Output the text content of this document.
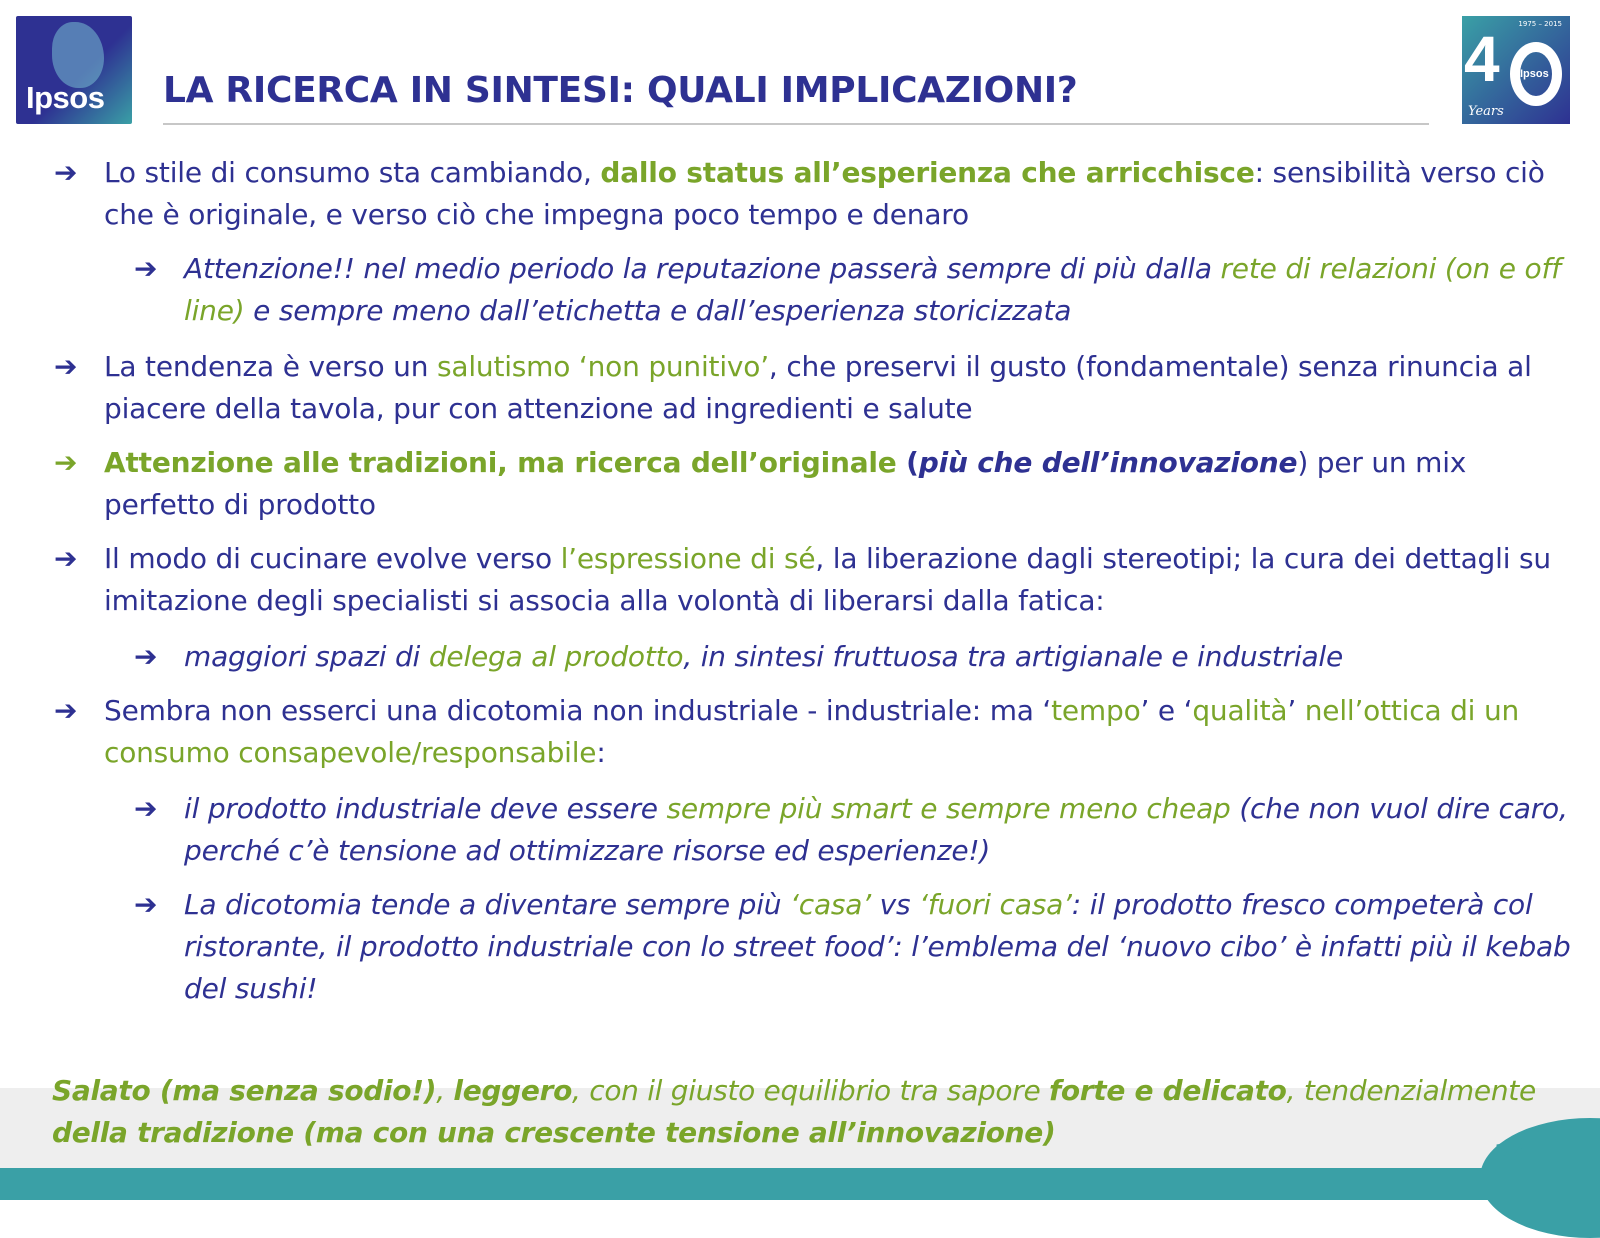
Ipsos LA RICERCA IN SINTESI: QUALI IMPLICAZIONI?
1975 – 2015
4 Ipsos
Years

➔ Lo stile di consumo sta cambiando, dallo status all’esperienza che arricchisce: sensibilità verso ciò che è originale, e verso ciò che impegna poco tempo e denaro

➔ Attenzione!! nel medio periodo la reputazione passerà sempre di più dalla rete di relazioni (on e off line) e sempre meno dall’etichetta e dall’esperienza storicizzata

➔ La tendenza è verso un salutismo ‘non punitivo’, che preservi il gusto (fondamentale) senza rinuncia al piacere della tavola, pur con attenzione ad ingredienti e salute

➔ Attenzione alle tradizioni, ma ricerca dell’originale (più che dell’innovazione) per un mix perfetto di prodotto

➔ Il modo di cucinare evolve verso l’espressione di sé, la liberazione dagli stereotipi; la cura dei dettagli su imitazione degli specialisti si associa alla volontà di liberarsi dalla fatica:

➔ maggiori spazi di delega al prodotto, in sintesi fruttuosa tra artigianale e industriale

➔ Sembra non esserci una dicotomia non industriale - industriale: ma ‘tempo’ e ‘qualità’ nell’ottica di un consumo consapevole/responsabile:

➔ il prodotto industriale deve essere sempre più smart e sempre meno cheap (che non vuol dire caro, perché c’è tensione ad ottimizzare risorse ed esperienze!)

➔ La dicotomia tende a diventare sempre più ‘casa’ vs ‘fuori casa’: il prodotto fresco competerà col ristorante, il prodotto industriale con lo street food’: l’emblema del ‘nuovo cibo’ è infatti più il kebab del sushi!

Salato (ma senza sodio!), leggero, con il giusto equilibrio tra sapore forte e delicato, tendenzialmente della tradizione (ma con una crescente tensione all’innovazione)

34
